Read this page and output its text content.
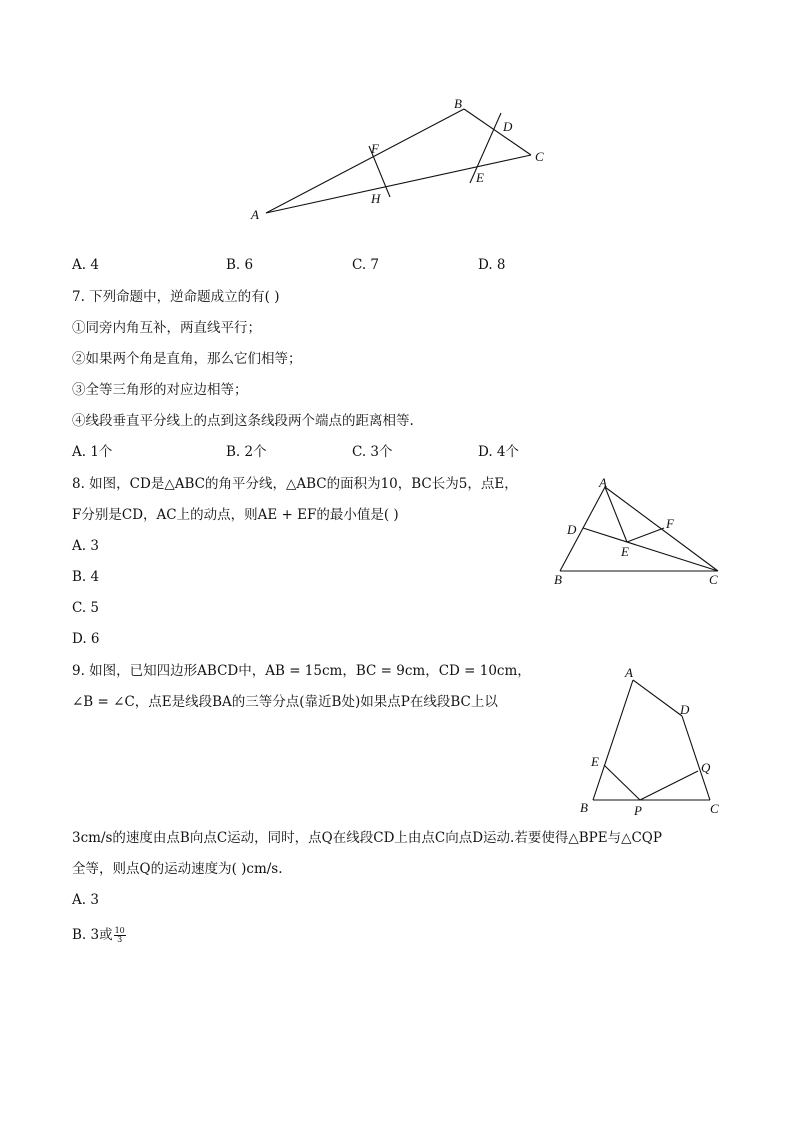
A
B
C
D
E
F
H
A. 4	B. 6	C. 7	D. 8
7. 下列命题中，逆命题成立的有( )
①同旁内角互补，两直线平行；
②如果两个角是直角，那么它们相等；
③全等三角形的对应边相等；
④线段垂直平分线上的点到这条线段两个端点的距离相等.
A. 1个	B. 2个	C. 3个	D. 4个
8. 如图，CD是△ABC的角平分线，△ABC的面积为10，BC长为5，点E，
F分别是CD，AC上的动点，则AE + EF的最小值是( )
A. 3
B. 4
C. 5
D. 6
A
B	C
D
E
F
9. 如图，已知四边形ABCD中，AB = 15cm，BC = 9cm，CD = 10cm，
∠B = ∠C，点E是线段BA的三等分点(靠近B处)如果点P在线段BC上以
A
B	C
D
E
P
Q
3cm/s的速度由点B向点C运动，同时，点Q在线段CD上由点C向点D运动.若要使得△BPE与△CQP
全等，则点Q的运动速度为( )cm/s.
A. 3
B. 3或 $\frac{10}{3}$
